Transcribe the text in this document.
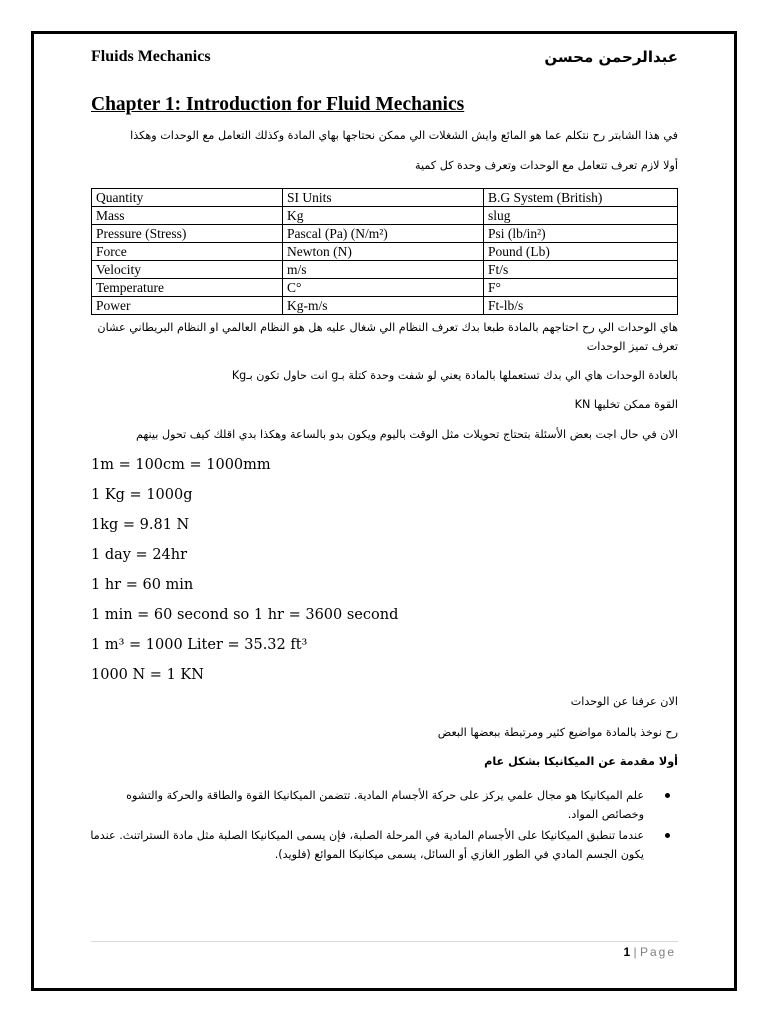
Fluids Mechanics	عبدالرحمن محسن
Chapter 1: Introduction for Fluid Mechanics
في هذا الشابتر رح نتكلم عما هو المائع وايش الشغلات الي ممكن نحتاجها بهاي المادة وكذلك التعامل مع الوحدات وهكذا
أولا لازم تعرف تتعامل مع الوحدات وتعرف وحدة كل كمية
Quantity	SI Units	B.G System (British)
Mass	Kg	slug
Pressure (Stress)	Pascal (Pa) (N/m²)	Psi (lb/in²)
Force	Newton (N)	Pound (Lb)
Velocity	m/s	Ft/s
Temperature	C°	F°
Power	Kg-m/s	Ft-lb/s
هاي الوحدات الي رح احتاجهم بالمادة طبعا بدك تعرف النظام الي شغال عليه هل هو النظام العالمي او النظام البريطاني عشان تعرف تميز الوحدات
بالعادة الوحدات هاي الي بدك تستعملها بالمادة يعني لو شفت وحدة كتلة بـg انت حاول تكون بـKg
القوة ممكن تخليها KN
الان في حال اجت بعض الأسئلة بتحتاج تحويلات مثل الوقت باليوم ويكون بدو بالساعة وهكذا بدي اقلك كيف تحول بينهم
1m = 100cm = 1000mm
1 Kg = 1000g
1kg = 9.81 N
1 day = 24hr
1 hr = 60 min
1 min = 60 second so 1 hr = 3600 second
1 m³ = 1000 Liter = 35.32 ft³
1000 N = 1 KN
الان عرفنا عن الوحدات
رح نوخذ بالمادة مواضيع كثير ومرتبطة ببعضها البعض
أولا مقدمة عن الميكانيكا بشكل عام
علم الميكانيكا هو مجال علمي يركز على حركة الأجسام المادية. تتضمن الميكانيكا القوة والطاقة والحركة والتشوه وخصائص المواد.
عندما تنطبق الميكانيكا على الأجسام المادية في المرحلة الصلبة، فإن يسمى الميكانيكا الصلبة مثل مادة الستراتنث. عندما يكون الجسم المادي في الطور الغازي أو السائل، يسمى ميكانيكا الموائع (فلويد).
1 | Page
